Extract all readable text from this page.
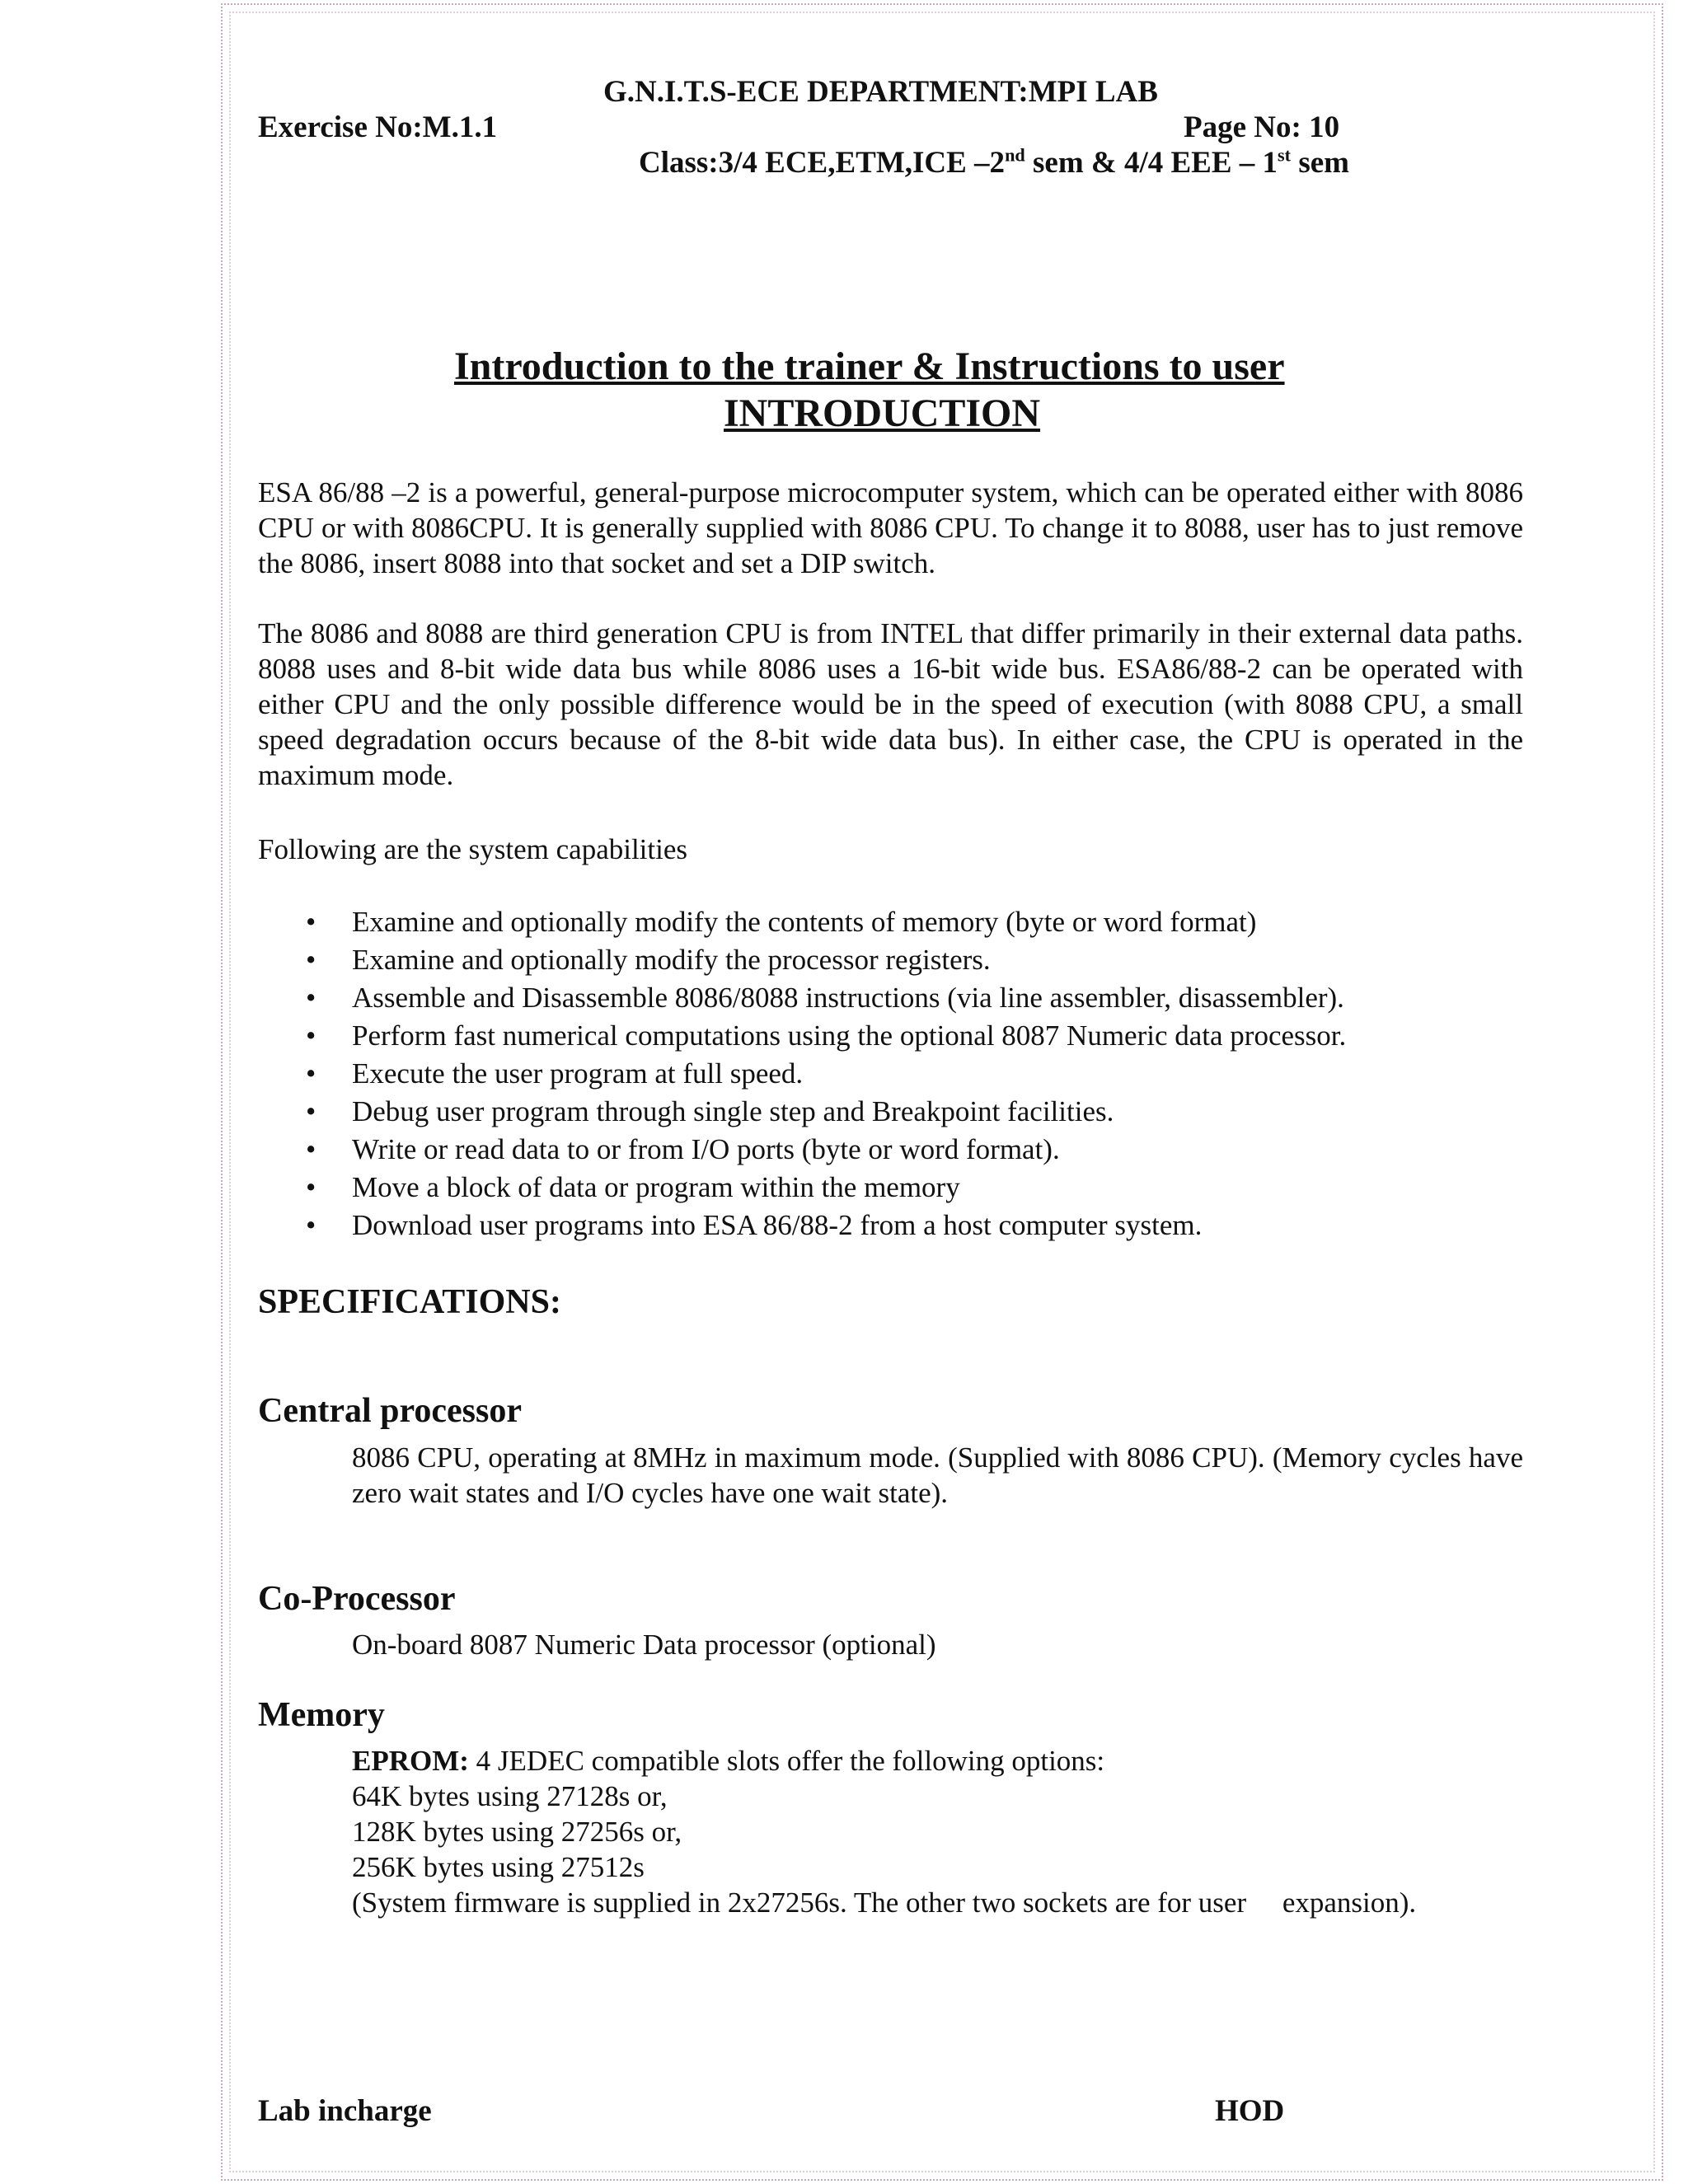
G.N.I.T.S-ECE DEPARTMENT:MPI LAB
Exercise No:M.1.1	Page No: 10
Class:3/4 ECE,ETM,ICE –2nd sem & 4/4 EEE – 1st sem
Introduction to the trainer & Instructions to user
INTRODUCTION
ESA 86/88 –2 is a powerful, general-purpose microcomputer system, which can be operated either with 8086 CPU or with 8086CPU. It is generally supplied with 8086 CPU. To change it to 8088, user has to just remove the 8086, insert 8088 into that socket and set a DIP switch.
The 8086 and 8088 are third generation CPU is from INTEL that differ primarily in their external data paths. 8088 uses and 8-bit wide data bus while 8086 uses a 16-bit wide bus. ESA86/88-2 can be operated with either CPU and the only possible difference would be in the speed of execution (with 8088 CPU, a small speed degradation occurs because of the 8-bit wide data bus). In either case, the CPU is operated in the maximum mode.
Following are the system capabilities
• Examine and optionally modify the contents of memory (byte or word format)
• Examine and optionally modify the processor registers.
• Assemble and Disassemble 8086/8088 instructions (via line assembler, disassembler).
• Perform fast numerical computations using the optional 8087 Numeric data processor.
• Execute the user program at full speed.
• Debug user program through single step and Breakpoint facilities.
• Write or read data to or from I/O ports (byte or word format).
• Move a block of data or program within the memory
• Download user programs into ESA 86/88-2 from a host computer system.
SPECIFICATIONS:
Central processor
8086 CPU, operating at 8MHz in maximum mode. (Supplied with 8086 CPU). (Memory cycles have zero wait states and I/O cycles have one wait state).
Co-Processor
On-board 8087 Numeric Data processor (optional)
Memory
EPROM: 4 JEDEC compatible slots offer the following options:
64K bytes using 27128s or,
128K bytes using 27256s or,
256K bytes using 27512s
(System firmware is supplied in 2x27256s. The other two sockets are for user     expansion).
Lab incharge	HOD
